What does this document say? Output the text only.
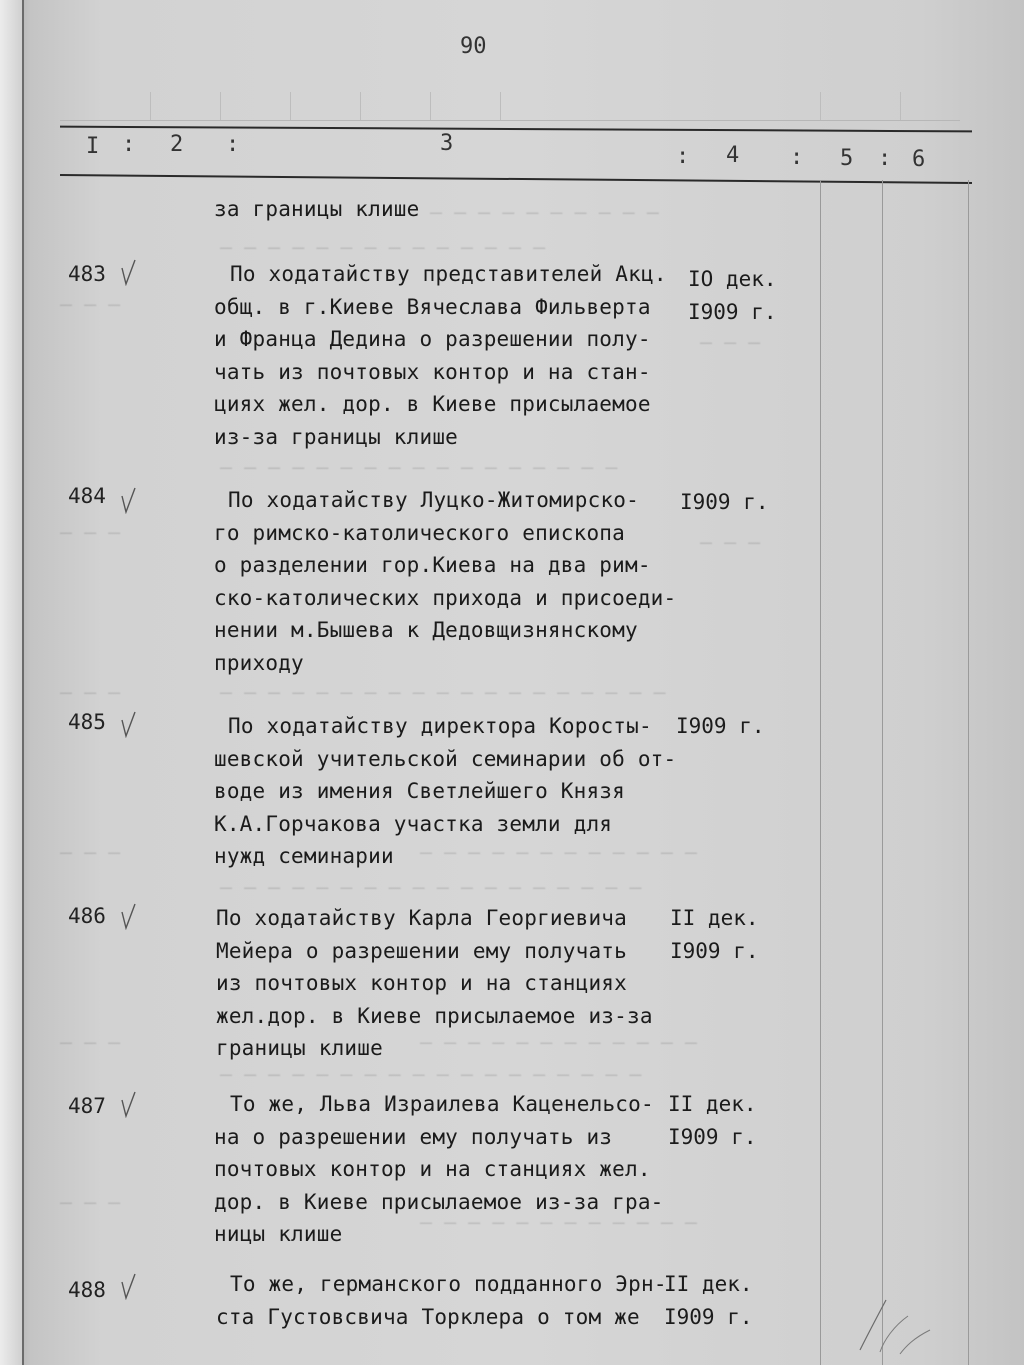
90
I : 2 :	3
: 4 : 5 : 6
— — — — — — — — — —
— — — — — — — — — — — — — —
— — —
— — —
— — — — — — — — — — — — — — — — —
— — —	— — —
— — —	— — — — — — — — — — — — — — — — — — —
— — —	— — — — — — — — — — — —
— — — — — — — — — — — — — — — — — —
— — —	— — — — — — — — — — — —
— — — — — — — — — — — — — — — — — —
— — —
— — — — — — — — — — — —
за границы клише
483	По ходатайству представителей Акц.
общ. в г.Киеве Вячеслава Фильверта
и Франца Дедина о разрешении полу-
чать из почтовых контор и на стан-
циях жел. дор. в Киеве присылаемое
из-за границы клише
IO дек.
I909 г.
484	По ходатайству Луцко-Житомирско-
го римско-католического епископа
о разделении гор.Киева на два рим-
ско-католических прихода и присоеди-
нении м.Бышева к Дедовщизнянскому
приходу
I909 г.
485	По ходатайству директора Коросты-
шевской учительской семинарии об от-
воде из имения Светлейшего Князя
К.А.Горчакова участка земли для
нужд семинарии
I909 г.
486	По ходатайству Карла Георгиевича
Мейера о разрешении ему получать
из почтовых контор и на станциях
жел.дор. в Киеве присылаемое из-за
границы клише
II дек.
I909 г.
487	То же, Льва Израилева Каценельсо-
на о разрешении ему получать из
почтовых контор и на станциях жел.
дор. в Киеве присылаемое из-за гра-
ницы клише
II дек.
I909 г.
488	То же, германского подданного Эрн-
ста Густовсвича Торклера о том же
II дек.
I909 г.
